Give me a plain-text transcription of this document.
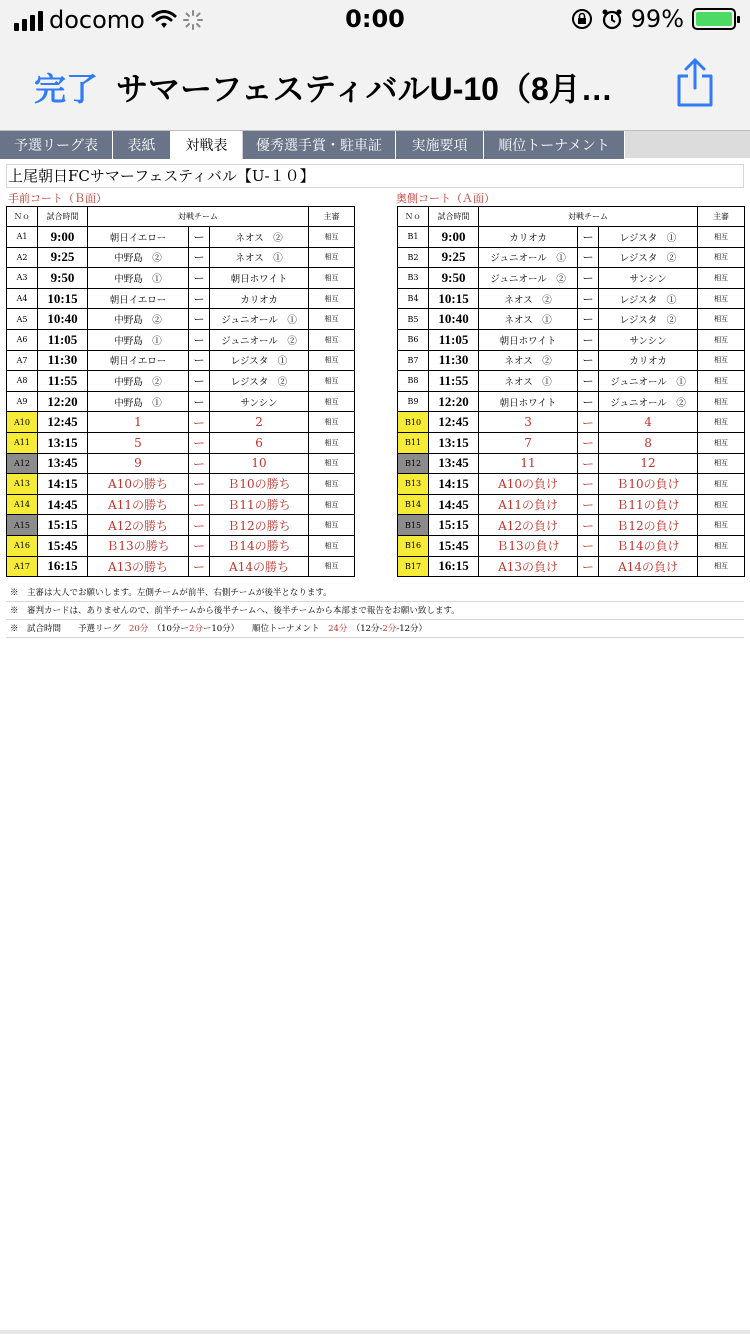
docomo	0:00	99%
完了 サマーフェスティバルU-10（8月…
予選リーグ表	表紙	対戦表	優秀選手賞・駐車証	実施要項	順位トーナメント
上尾朝日FCサマーフェスティバル【U‐１０】
手前コート（Ｂ面）	奥側コート（Ａ面）
Ｎｏ	試合時間	対戦チーム			主審		Ｎｏ	試合時間	対戦チーム			主審
A1	9:00	朝日イエロー	ー	ネオス　②	相互		B1	9:00	カリオカ	ー	レジスタ　①	相互
A2	9:25	中野島　②	ー	ネオス　①	相互		B2	9:25	ジュニオール　①	ー	レジスタ　②	相互
A3	9:50	中野島　①	ー	朝日ホワイト	相互		B3	9:50	ジュニオール　②	ー	サンシン	相互
A4	10:15	朝日イエロー	ー	カリオカ	相互		B4	10:15	ネオス　②	ー	レジスタ　①	相互
A5	10:40	中野島　②	ー	ジュニオール　①	相互		B5	10:40	ネオス　①	ー	レジスタ　②	相互
A6	11:05	中野島　①	ー	ジュニオール　②	相互		B6	11:05	朝日ホワイト	ー	サンシン	相互
A7	11:30	朝日イエロー	ー	レジスタ　①	相互		B7	11:30	ネオス　②	ー	カリオカ	相互
A8	11:55	中野島　②	ー	レジスタ　②	相互		B8	11:55	ネオス　①	ー	ジュニオール　①	相互
A9	12:20	中野島　①	ー	サンシン	相互		B9	12:20	朝日ホワイト	ー	ジュニオール　②	相互
A10	12:45	1	ー	2	相互		B10	12:45	3	ー	4	相互
A11	13:15	5	ー	6	相互		B11	13:15	7	ー	8	相互
A12	13:45	9	ー	10	相互		B12	13:45	11	ー	12	相互
A13	14:15	A10の勝ち	ー	Ｂ10の勝ち	相互		B13	14:15	A10の負け	ー	Ｂ10の負け	相互
A14	14:45	A11の勝ち	ー	Ｂ11の勝ち	相互		B14	14:45	A11の負け	ー	Ｂ11の負け	相互
A15	15:15	A12の勝ち	ー	Ｂ12の勝ち	相互		B15	15:15	A12の負け	ー	Ｂ12の負け	相互
A16	15:45	Ｂ13の勝ち	ー	Ｂ14の勝ち	相互		B16	15:45	Ｂ13の負け	ー	Ｂ14の負け	相互
A17	16:15	A13の勝ち	ー	A14の勝ち	相互		B17	16:15	A13の負け	ー	A14の負け	相互
※　主審は大人でお願いします。左側チームが前半、右側チームが後半となります。
※　審判カードは、ありませんので、前半チームから後半チームへ、後半チームから本部まで報告をお願い致します。
※　試合時間　　予選リーグ　20分　 （10分ー2分ー10分）　　順位トーナメント　24分　 （12分-2分-12分）
